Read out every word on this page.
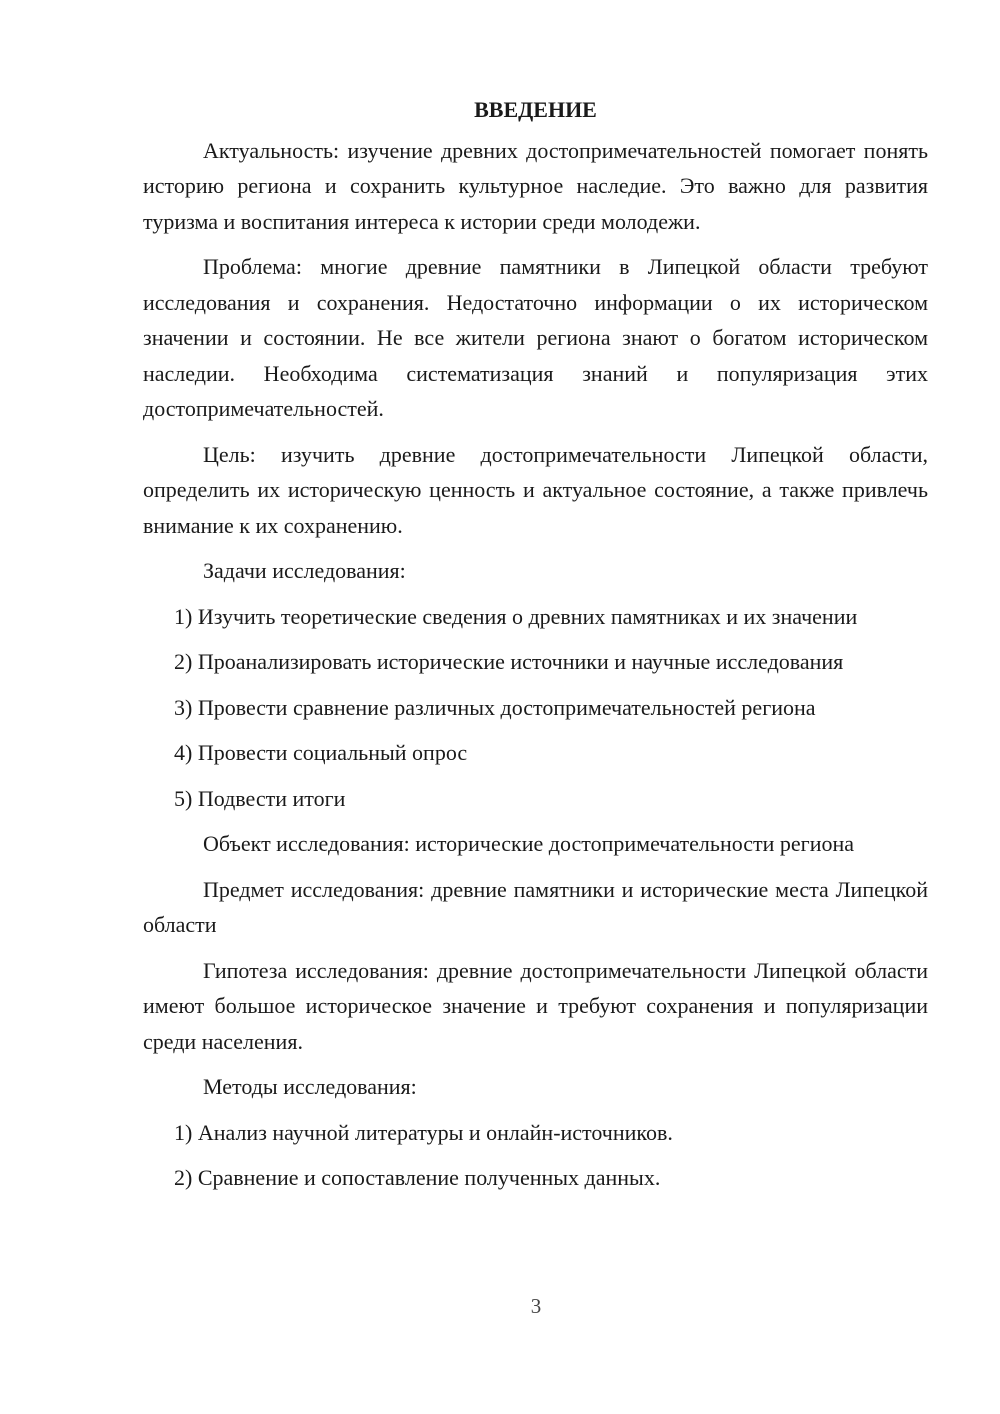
ВВЕДЕНИЕ

Актуальность: изучение древних достопримечательностей помогает понять историю региона и сохранить культурное наследие. Это важно для развития туризма и воспитания интереса к истории среди молодежи.

Проблема: многие древние памятники в Липецкой области требуют исследования и сохранения. Недостаточно информации о их историческом значении и состоянии. Не все жители региона знают о богатом историческом наследии. Необходима систематизация знаний и популяризация этих достопримечательностей.

Цель: изучить древние достопримечательности Липецкой области, определить их историческую ценность и актуальное состояние, а также привлечь внимание к их сохранению.

Задачи исследования:

1) Изучить теоретические сведения о древних памятниках и их значении

2) Проанализировать исторические источники и научные исследования

3) Провести сравнение различных достопримечательностей региона

4) Провести социальный опрос

5) Подвести итоги

Объект исследования: исторические достопримечательности региона

Предмет исследования: древние памятники и исторические места Липецкой области

Гипотеза исследования: древние достопримечательности Липецкой области имеют большое историческое значение и требуют сохранения и популяризации среди населения.

Методы исследования:

1) Анализ научной литературы и онлайн-источников.

2) Сравнение и сопоставление полученных данных.

3
